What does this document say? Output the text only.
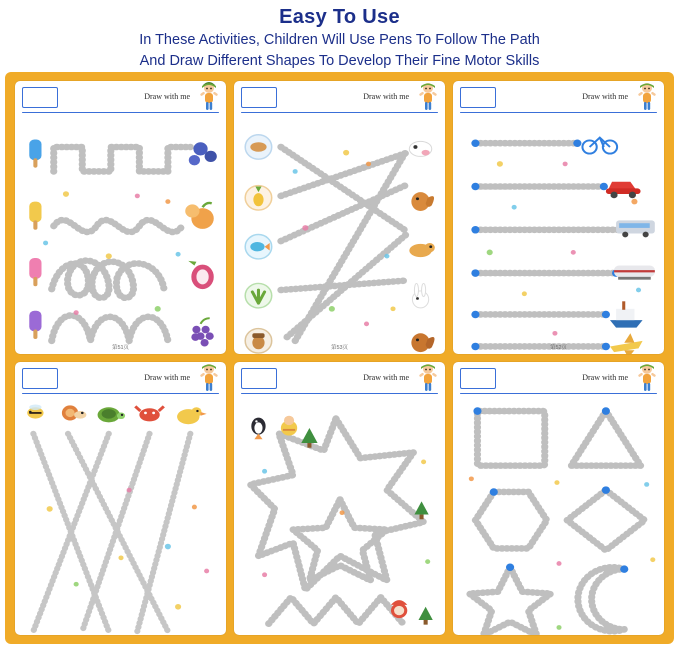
Easy To Use
In These Activities, Children Will Use Pens To Follow The Path
And Draw Different Shapes To Develop Their Fine Motor Skills
Draw with me
第51页
Draw with me
第53页
Draw with me
第52页
Draw with me	Draw with me	Draw with me
